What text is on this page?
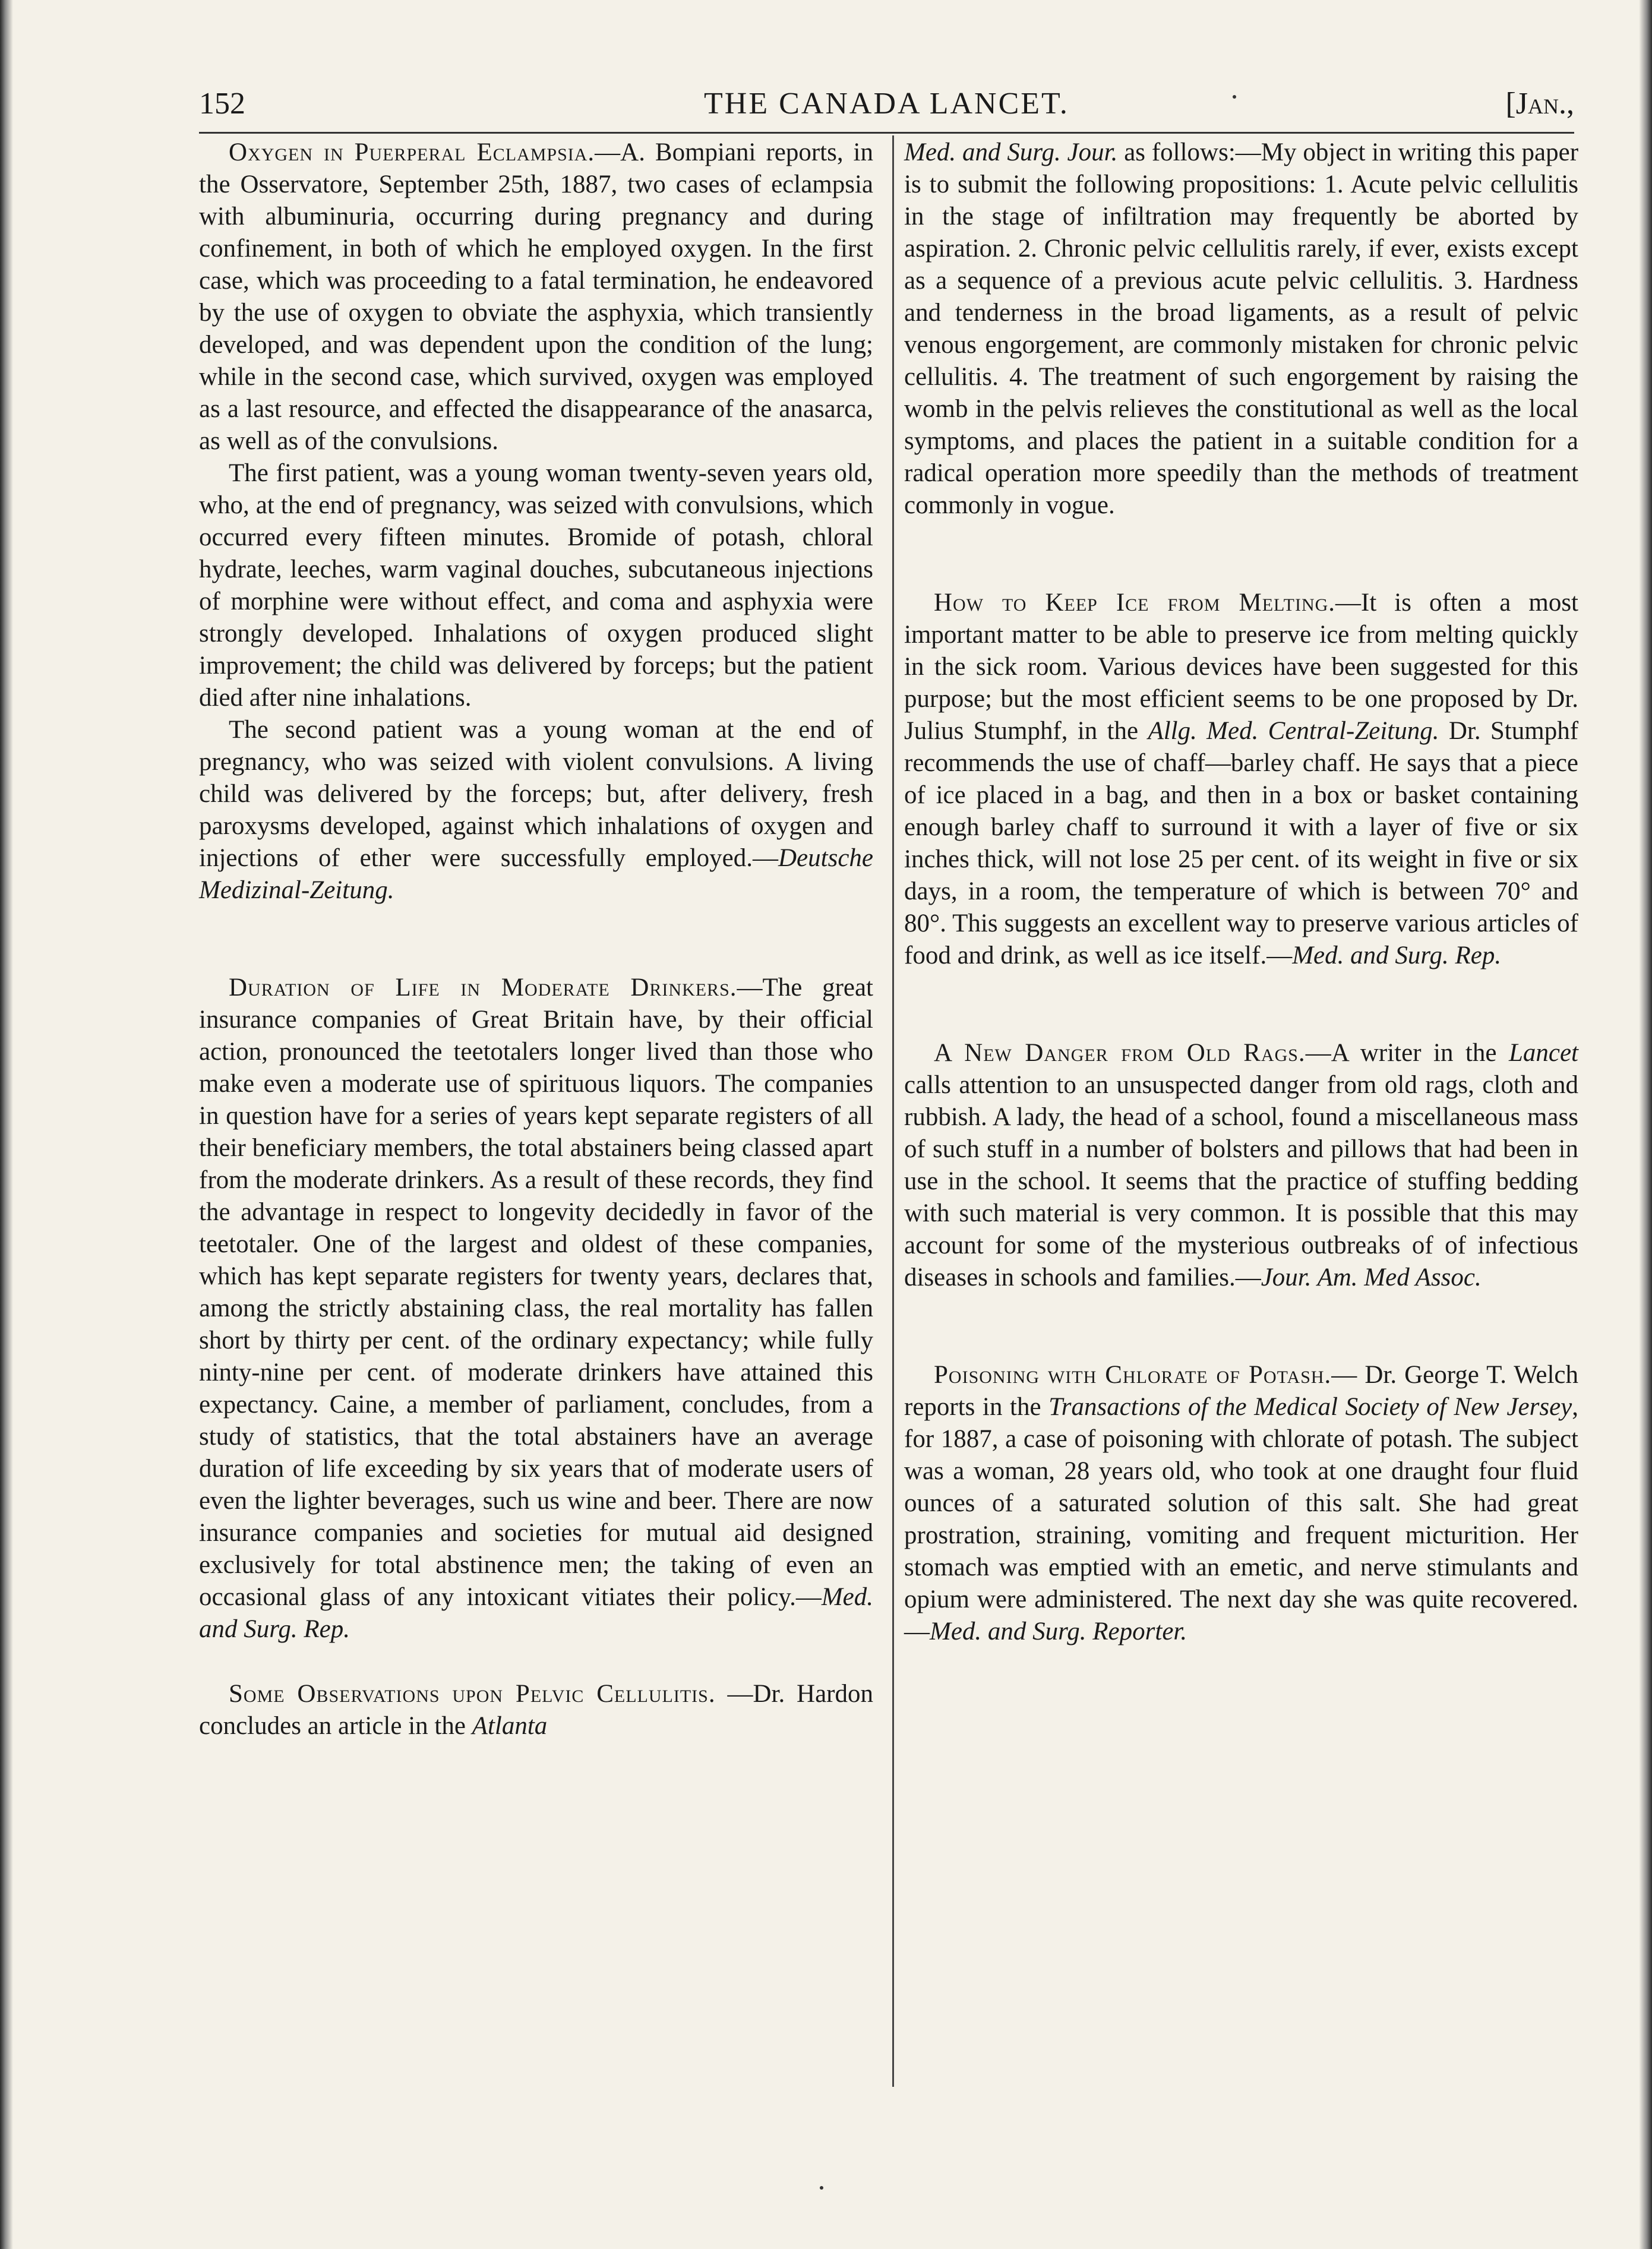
152	THE CANADA LANCET.	[Jan.,

Oxygen in Puerperal Eclampsia.—A. Bompiani reports, in the Osservatore, September 25th, 1887, two cases of eclampsia with albuminuria, occurring during pregnancy and during confinement, in both of which he employed oxygen. In the first case, which was proceeding to a fatal termination, he endeavored by the use of oxygen to obviate the asphyxia, which transiently developed, and was dependent upon the condition of the lung; while in the second case, which survived, oxygen was employed as a last resource, and effected the disappearance of the anasarca, as well as of the convulsions.

The first patient, was a young woman twenty-seven years old, who, at the end of pregnancy, was seized with convulsions, which occurred every fifteen minutes. Bromide of potash, chloral hydrate, leeches, warm vaginal douches, subcutaneous injections of morphine were without effect, and coma and asphyxia were strongly developed. Inhalations of oxygen produced slight improvement; the child was delivered by forceps; but the patient died after nine inhalations.

The second patient was a young woman at the end of pregnancy, who was seized with violent convulsions. A living child was delivered by the forceps; but, after delivery, fresh paroxysms developed, against which inhalations of oxygen and injections of ether were successfully employed.—Deutsche Medizinal-Zeitung.

Duration of Life in Moderate Drinkers.—The great insurance companies of Great Britain have, by their official action, pronounced the teetotalers longer lived than those who make even a moderate use of spirituous liquors. The companies in question have for a series of years kept separate registers of all their beneficiary members, the total abstainers being classed apart from the moderate drinkers. As a result of these records, they find the advantage in respect to longevity decidedly in favor of the teetotaler. One of the largest and oldest of these companies, which has kept separate registers for twenty years, declares that, among the strictly abstaining class, the real mortality has fallen short by thirty per cent. of the ordinary expectancy; while fully ninty-nine per cent. of moderate drinkers have attained this expectancy. Caine, a member of parliament, concludes, from a study of statistics, that the total abstainers have an average duration of life exceeding by six years that of moderate users of even the lighter beverages, such us wine and beer. There are now insurance companies and societies for mutual aid designed exclusively for total abstinence men; the taking of even an occasional glass of any intoxicant vitiates their policy.—Med. and Surg. Rep.

Some Observations upon Pelvic Cellulitis. —Dr. Hardon concludes an article in the Atlanta

Med. and Surg. Jour. as follows:—My object in writing this paper is to submit the following propositions: 1. Acute pelvic cellulitis in the stage of infiltration may frequently be aborted by aspiration. 2. Chronic pelvic cellulitis rarely, if ever, exists except as a sequence of a previous acute pelvic cellulitis. 3. Hardness and tenderness in the broad ligaments, as a result of pelvic venous engorgement, are commonly mistaken for chronic pelvic cellulitis. 4. The treatment of such engorgement by raising the womb in the pelvis relieves the constitutional as well as the local symptoms, and places the patient in a suitable condition for a radical operation more speedily than the methods of treatment commonly in vogue.

How to Keep Ice from Melting.—It is often a most important matter to be able to preserve ice from melting quickly in the sick room. Various devices have been suggested for this purpose; but the most efficient seems to be one proposed by Dr. Julius Stumphf, in the Allg. Med. Central-Zeitung. Dr. Stumphf recommends the use of chaff—barley chaff. He says that a piece of ice placed in a bag, and then in a box or basket containing enough barley chaff to surround it with a layer of five or six inches thick, will not lose 25 per cent. of its weight in five or six days, in a room, the temperature of which is between 70° and 80°. This suggests an excellent way to preserve various articles of food and drink, as well as ice itself.—Med. and Surg. Rep.

A New Danger from Old Rags.—A writer in the Lancet calls attention to an unsuspected danger from old rags, cloth and rubbish. A lady, the head of a school, found a miscellaneous mass of such stuff in a number of bolsters and pillows that had been in use in the school. It seems that the practice of stuffing bedding with such material is very common. It is possible that this may account for some of the mysterious outbreaks of of infectious diseases in schools and families.—Jour. Am. Med Assoc.

Poisoning with Chlorate of Potash.— Dr. George T. Welch reports in the Transactions of the Medical Society of New Jersey, for 1887, a case of poisoning with chlorate of potash. The subject was a woman, 28 years old, who took at one draught four fluid ounces of a saturated solution of this salt. She had great prostration, straining, vomiting and frequent micturition. Her stomach was emptied with an emetic, and nerve stimulants and opium were administered. The next day she was quite recovered.—Med. and Surg. Reporter.
